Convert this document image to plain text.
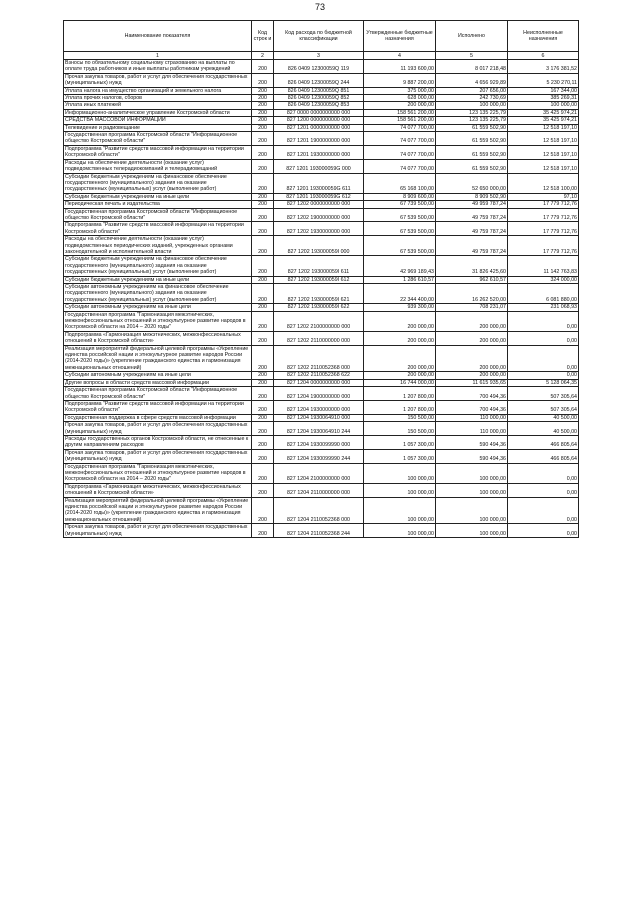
73
Наименование показателя	Код строк и	Код расхода по бюджетной классификации	Утвержденные бюджетные назначения	Исполнено	Неисполненные назначения
1	2	3	4	5	6
Взносы по обязательному социальному страхованию на выплаты по оплате труда работников и иные выплаты работникам учреждений	200	826 0409 12300059Q 119	11 193 600,00	8 017 218,48	3 176 381,52
Прочая закупка товаров, работ и услуг для обеспечения государственных (муниципальных) нужд	200	826 0409 12300059Q 244	9 887 200,00	4 656 929,89	5 230 270,11
Уплата налога на имущество организаций и земельного налога	200	826 0409 12300059Q 851	375 000,00	207 656,00	167 344,00
Уплата прочих налогов, сборов	200	826 0409 12300059Q 852	628 000,00	242 730,69	385 269,31
Уплата иных платежей	200	826 0409 12300059Q 853	200 000,00	100 000,00	100 000,00
Информационно-аналитическое управление Костромской области	200	827 0000 0000000000 000	158 561 200,00	123 135 225,79	35 425 974,21
СРЕДСТВА МАССОВОЙ ИНФОРМАЦИИ	200	827 1200 0000000000 000	158 561 200,00	123 135 225,79	35 425 974,21
Телевидение и радиовещание	200	827 1201 0000000000 000	74 077 700,00	61 559 502,90	12 518 197,10
Государственная программа Костромской области "Информационное общество Костромской области"	200	827 1201 1900000000 000	74 077 700,00	61 559 502,90	12 518 197,10
Подпрограмма "Развитие средств массовой информации на территории Костромской области"	200	827 1201 1930000000 000	74 077 700,00	61 559 502,90	12 518 197,10
Расходы на обеспечение деятельности (оказание услуг) подведомственных телерадиокомпаний и телерадиовещаний	200	827 1201 193000059G 000	74 077 700,00	61 559 502,90	12 518 197,10
Субсидии бюджетным учреждениям на финансовое обеспечение государственного (муниципального) задания на оказание государственных (муниципальных) услуг (выполнение работ)	200	827 1201 193000059G 611	65 168 100,00	52 650 000,00	12 518 100,00
Субсидии бюджетным учреждениям на иные цели	200	827 1201 193000059G 612	8 909 600,00	8 909 502,90	97,10
Периодическая печать и издательства	200	827 1202 0000000000 000	67 739 500,00	49 959 787,24	17 779 712,76
Государственная программа Костромской области "Информационное общество Костромской области"	200	827 1202 1900000000 000	67 539 500,00	49 759 787,24	17 779 712,76
Подпрограмма "Развитие средств массовой информации на территории Костромской области"	200	827 1202 1930000000 000	67 539 500,00	49 759 787,24	17 779 712,76
Расходы на обеспечение деятельности (оказание услуг) подведомственных периодических изданий, учрежденных органами законодательной и исполнительной власти	200	827 1202 193000059I 000	67 539 500,00	49 759 787,24	17 779 712,76
Субсидии бюджетным учреждениям на финансовое обеспечение государственного (муниципального) задания на оказание государственных (муниципальных) услуг (выполнение работ)	200	827 1202 193000059I 611	42 969 189,43	31 826 425,60	11 142 763,83
Субсидии бюджетным учреждениям на иные цели	200	827 1202 193000059I 612	1 286 610,57	962 610,57	324 000,00
Субсидии автономным учреждениям на финансовое обеспечение государственного (муниципального) задания на оказание государственных (муниципальных) услуг (выполнение работ)	200	827 1202 193000059I 621	22 344 400,00	16 262 520,00	6 081 880,00
Субсидии автономным учреждениям на иные цели	200	827 1202 193000059I 622	939 300,00	708 231,07	231 068,93
Государственная программа "Гармонизация межэтнических, межконфессиональных отношений и этнокультурное развитие народов в Костромской области на 2014 – 2020 годы"	200	827 1202 2100000000 000	200 000,00	200 000,00	0,00
Подпрограмма «Гармонизация межэтнических, межконфессиональных отношений в Костромской области»	200	827 1202 2110000000 000	200 000,00	200 000,00	0,00
Реализация мероприятий федеральной целевой программы «Укрепление единства российской нации и этнокультурное развитие народов России (2014-2020 годы)» (укрепление гражданского единства и гармонизация межнациональных отношений)	200	827 1202 2110052368 000	200 000,00	200 000,00	0,00
Субсидии автономным учреждениям на иные цели	200	827 1202 2110052368 622	200 000,00	200 000,00	0,00
Другие вопросы в области средств массовой информации	200	827 1204 0000000000 000	16 744 000,00	11 615 935,65	5 128 064,35
Государственная программа Костромской области "Информационное общество Костромской области"	200	827 1204 1900000000 000	1 207 800,00	700 494,36	507 305,64
Подпрограмма "Развитие средств массовой информации на территории Костромской области"	200	827 1204 1930000000 000	1 207 800,00	700 494,36	507 305,64
Государственная поддержка в сфере средств массовой информации	200	827 1204 1930064910 000	150 500,00	110 000,00	40 500,00
Прочая закупка товаров, работ и услуг для обеспечения государственных (муниципальных) нужд	200	827 1204 1930064910 244	150 500,00	110 000,00	40 500,00
Расходы государственных органов Костромской области, не отнесенные к другим направлениям расходов	200	827 1204 1930099990 000	1 057 300,00	590 494,36	466 805,64
Прочая закупка товаров, работ и услуг для обеспечения государственных (муниципальных) нужд	200	827 1204 1930099990 244	1 057 300,00	590 494,36	466 805,64
Государственная программа "Гармонизация межэтнических, межконфессиональных отношений и этнокультурное развитие народов в Костромской области на 2014 – 2020 годы"	200	827 1204 2100000000 000	100 000,00	100 000,00	0,00
Подпрограмма «Гармонизация межэтнических, межконфессиональных отношений в Костромской области»	200	827 1204 2110000000 000	100 000,00	100 000,00	0,00
Реализация мероприятий федеральной целевой программы «Укрепление единства российской нации и этнокультурное развитие народов России (2014-2020 годы)» (укрепление гражданского единства и гармонизация межнациональных отношений)	200	827 1204 2110052368 000	100 000,00	100 000,00	0,00
Прочая закупка товаров, работ и услуг для обеспечения государственных (муниципальных) нужд	200	827 1204 2110052368 244	100 000,00	100 000,00	0,00
